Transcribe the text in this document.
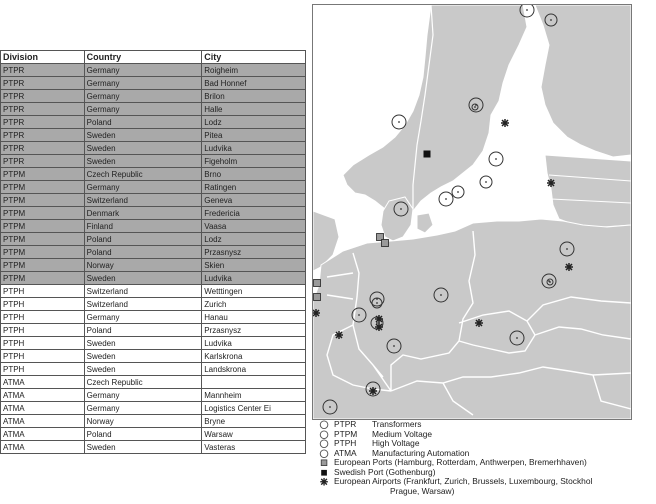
Division	Country	City
PTPR	Germany	Roigheim
PTPR	Germany	Bad Honnef
PTPR	Germany	Brilon
PTPR	Germany	Halle
PTPR	Poland	Lodz
PTPR	Sweden	Pitea
PTPR	Sweden	Ludvika
PTPR	Sweden	Figeholm
PTPM	Czech Republic	Brno
PTPM	Germany	Ratingen
PTPM	Switzerland	Geneva
PTPM	Denmark	Fredericia
PTPM	Finland	Vaasa
PTPM	Poland	Lodz
PTPM	Poland	Przasnysz
PTPM	Norway	Skien
PTPM	Sweden	Ludvika
PTPH	Switzerland	Wetttingen
PTPH	Switzerland	Zurich
PTPH	Germany	Hanau
PTPH	Poland	Przasnysz
PTPH	Sweden	Ludvika
PTPH	Sweden	Karlskrona
PTPH	Sweden	Landskrona
ATMA	Czech Republic	
ATMA	Germany	Mannheim
ATMA	Germany	Logistics Center Ei
ATMA	Norway	Bryne
ATMA	Poland	Warsaw
ATMA	Sweden	Vasteras
PTPR Transformers
PTPM Medium Voltage
PTPH High Voltage
ATMA Manufacturing Automation
European Ports (Hamburg, Rotterdam, Anthwerpen, Bremerhhaven)
Swedish Port (Gothenburg)
European Airports (Frankfurt, Zurich, Brussels, Luxembourg, Stockhol
Prague, Warsaw)
